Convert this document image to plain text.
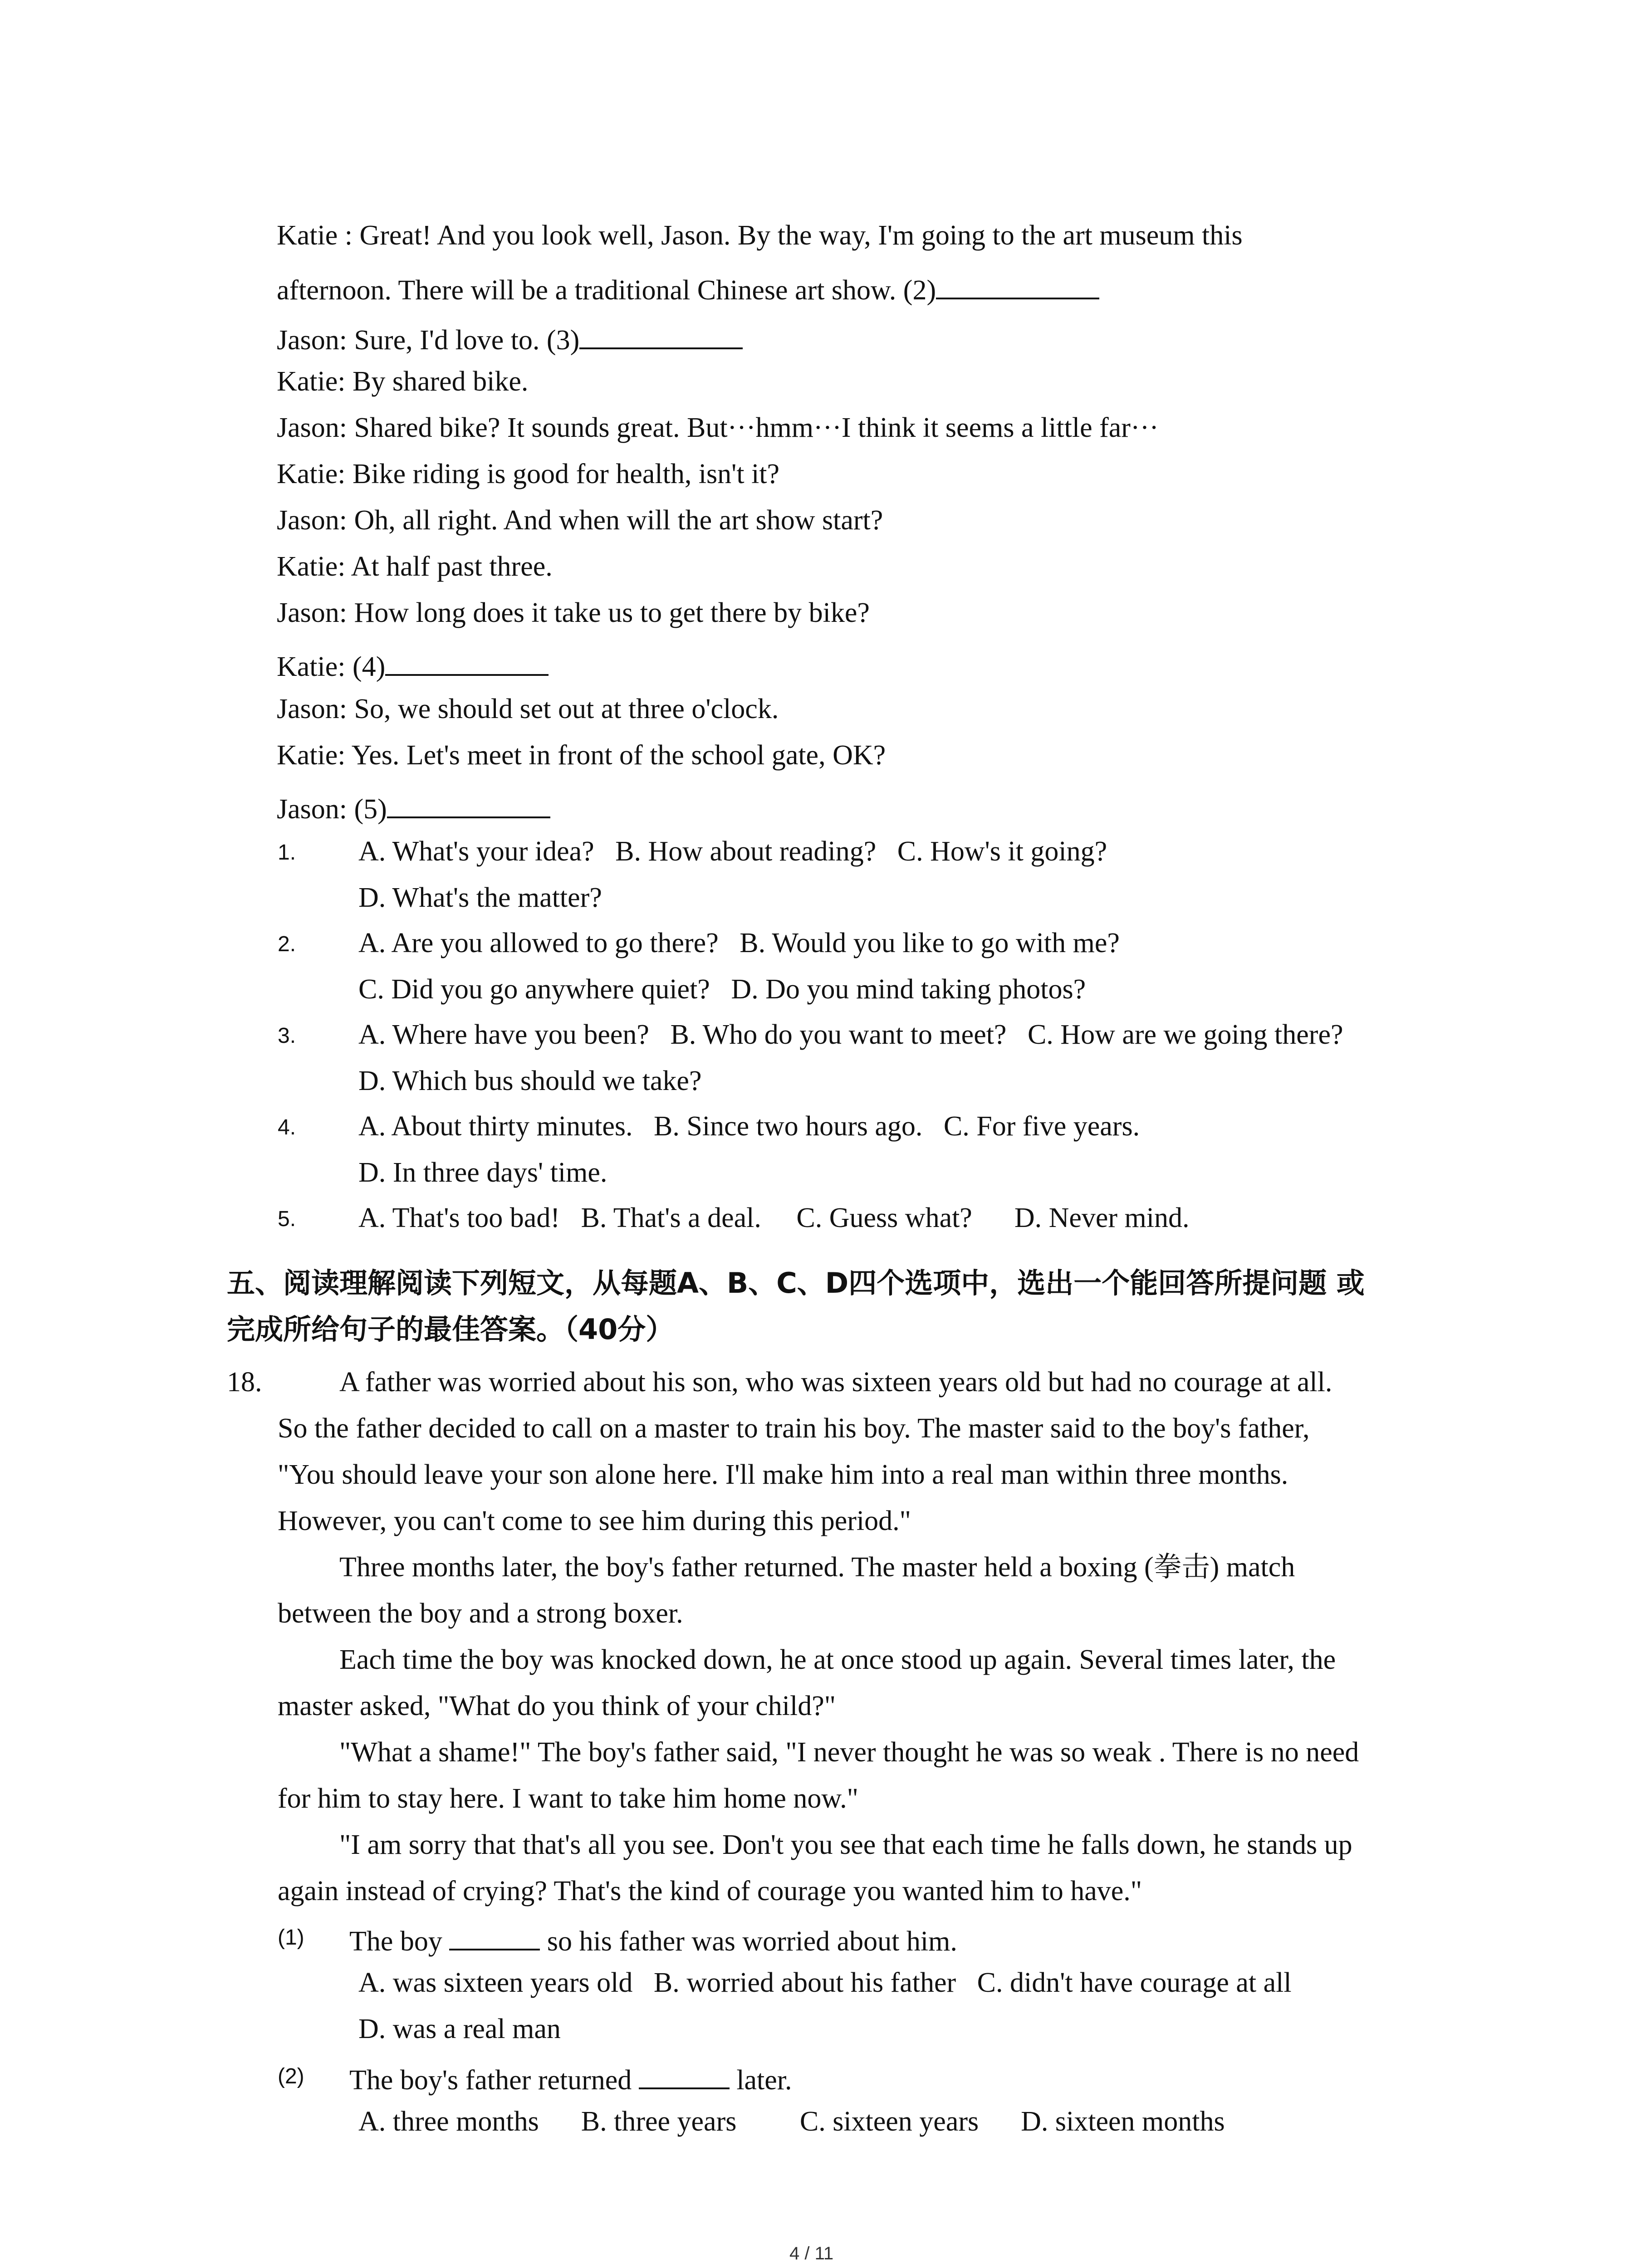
Katie : Great! And you look well, Jason. By the way, I'm going to the art museum this
afternoon. There will be a traditional Chinese art show. (2)
Jason: Sure, I'd love to. (3)
Katie: By shared bike.
Jason: Shared bike? It sounds great. But···hmm···I think it seems a little far···
Katie: Bike riding is good for health, isn't it?
Jason: Oh, all right. And when will the art show start?
Katie: At half past three.
Jason: How long does it take us to get there by bike?
Katie: (4)
Jason: So, we should set out at three o'clock.
Katie: Yes. Let's meet in front of the school gate, OK?
Jason: (5)
1. A. What's your idea?   B. How about reading?   C. How's it going?
D. What's the matter?
2. A. Are you allowed to go there?   B. Would you like to go with me?
C. Did you go anywhere quiet?   D. Do you mind taking photos?
3. A. Where have you been?   B. Who do you want to meet?   C. How are we going there?
D. Which bus should we take?
4. A. About thirty minutes.   B. Since two hours ago.   C. For five years.
D. In three days' time.
5. A. That's too bad!   B. That's a deal.     C. Guess what?      D. Never mind.
五、阅读理解阅读下列短文，从每题A、B、C、D四个选项中，选出一个能回答所提问题 或
完成所给句子的最佳答案。（40分）
18.	A father was worried about his son, who was sixteen years old but had no courage at all.
So the father decided to call on a master to train his boy. The master said to the boy's father,
"You should leave your son alone here. I'll make him into a real man within three months.
However, you can't come to see him during this period."
Three months later, the boy's father returned. The master held a boxing (拳击) match
between the boy and a strong boxer.
Each time the boy was knocked down, he at once stood up again. Several times later, the
master asked, "What do you think of your child?"
"What a shame!" The boy's father said, "I never thought he was so weak . There is no need
for him to stay here. I want to take him home now."
"I am sorry that that's all you see. Don't you see that each time he falls down, he stands up
again instead of crying? That's the kind of courage you wanted him to have."
(1) The boy	so his father was worried about him.
A. was sixteen years old   B. worried about his father   C. didn't have courage at all
D. was a real man
(2) The boy's father returned	later.
A. three months      B. three years         C. sixteen years      D. sixteen months
4 / 11
